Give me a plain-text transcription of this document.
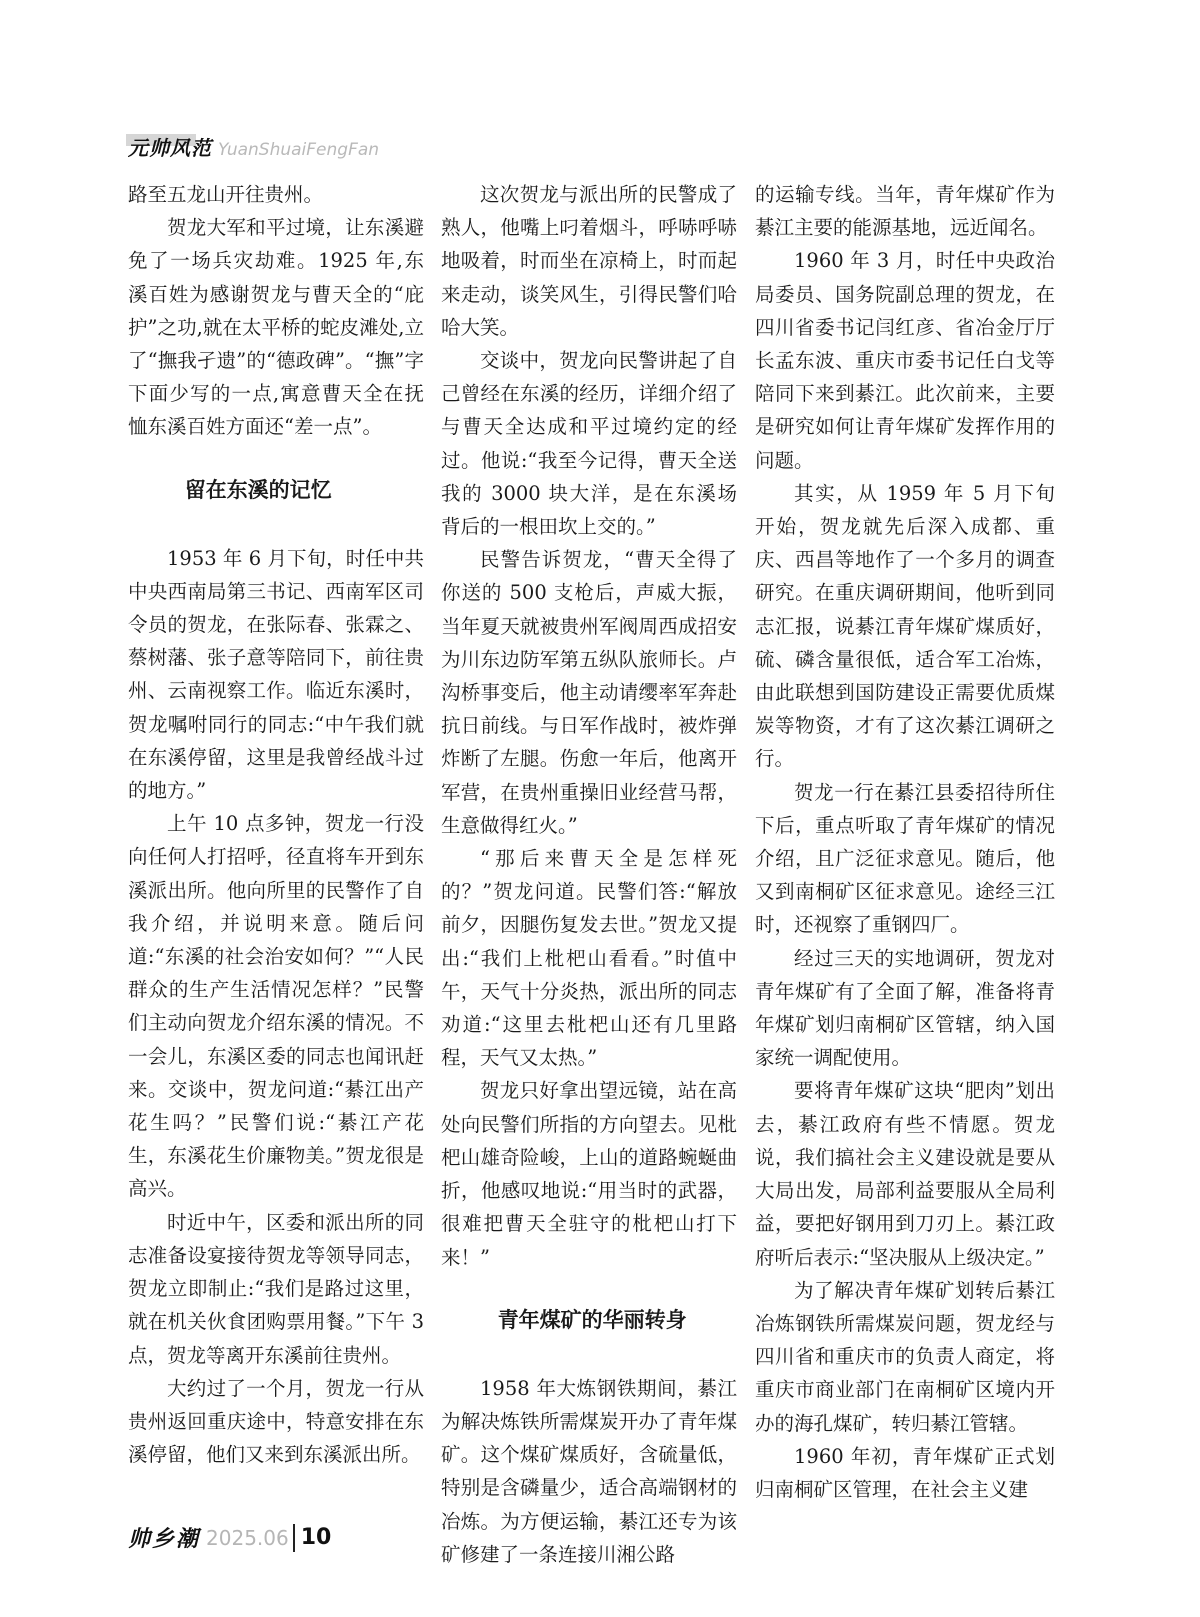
元帅风范 YuanShuaiFengFan

路至五龙山开往贵州。

贺龙大军和平过境，让东溪避免了一场兵灾劫难。1925 年,东溪百姓为感谢贺龙与曹天全的“庇护”之功,就在太平桥的蛇皮滩处,立了“撫我孑遗”的“德政碑”。“撫”字下面少写的一点,寓意曹天全在抚恤东溪百姓方面还“差一点”。

留在东溪的记忆

1953 年 6 月下旬，时任中共中央西南局第三书记、西南军区司令员的贺龙，在张际春、张霖之、蔡树藩、张子意等陪同下，前往贵州、云南视察工作。临近东溪时，贺龙嘱咐同行的同志:“中午我们就在东溪停留，这里是我曾经战斗过的地方。”

上午 10 点多钟，贺龙一行没向任何人打招呼，径直将车开到东溪派出所。他向所里的民警作了自我介绍，并说明来意。随后问道:“东溪的社会治安如何？”“人民群众的生产生活情况怎样？”民警们主动向贺龙介绍东溪的情况。不一会儿，东溪区委的同志也闻讯赶来。交谈中，贺龙问道:“綦江出产花生吗？”民警们说:“綦江产花生，东溪花生价廉物美。”贺龙很是高兴。

时近中午，区委和派出所的同志准备设宴接待贺龙等领导同志，贺龙立即制止:“我们是路过这里，就在机关伙食团购票用餐。”下午 3 点，贺龙等离开东溪前往贵州。

大约过了一个月，贺龙一行从贵州返回重庆途中，特意安排在东溪停留，他们又来到东溪派出所。

这次贺龙与派出所的民警成了熟人，他嘴上叼着烟斗，呼哧呼哧地吸着，时而坐在凉椅上，时而起来走动，谈笑风生，引得民警们哈哈大笑。

交谈中，贺龙向民警讲起了自己曾经在东溪的经历，详细介绍了与曹天全达成和平过境约定的经过。他说:“我至今记得，曹天全送我的 3000 块大洋，是在东溪场背后的一根田坎上交的。”

民警告诉贺龙，“曹天全得了你送的 500 支枪后，声威大振，当年夏天就被贵州军阀周西成招安为川东边防军第五纵队旅师长。卢沟桥事变后，他主动请缨率军奔赴抗日前线。与日军作战时，被炸弹炸断了左腿。伤愈一年后，他离开军营，在贵州重操旧业经营马帮，生意做得红火。”

“那后来曹天全是怎样死的？”贺龙问道。民警们答:“解放前夕，因腿伤复发去世。”贺龙又提出:“我们上枇杷山看看。”时值中午，天气十分炎热，派出所的同志劝道:“这里去枇杷山还有几里路程，天气又太热。”

贺龙只好拿出望远镜，站在高处向民警们所指的方向望去。见枇杷山雄奇险峻，上山的道路蜿蜒曲折，他感叹地说:“用当时的武器，很难把曹天全驻守的枇杷山打下来！”

青年煤矿的华丽转身

1958 年大炼钢铁期间，綦江为解决炼铁所需煤炭开办了青年煤矿。这个煤矿煤质好，含硫量低，特别是含磷量少，适合高端钢材的冶炼。为方便运输，綦江还专为该矿修建了一条连接川湘公路

的运输专线。当年，青年煤矿作为綦江主要的能源基地，远近闻名。

1960 年 3 月，时任中央政治局委员、国务院副总理的贺龙，在四川省委书记闫红彦、省冶金厅厅长孟东波、重庆市委书记任白戈等陪同下来到綦江。此次前来，主要是研究如何让青年煤矿发挥作用的问题。

其实，从 1959 年 5 月下旬开始，贺龙就先后深入成都、重庆、西昌等地作了一个多月的调查研究。在重庆调研期间，他听到同志汇报，说綦江青年煤矿煤质好，硫、磷含量很低，适合军工冶炼，由此联想到国防建设正需要优质煤炭等物资，才有了这次綦江调研之行。

贺龙一行在綦江县委招待所住下后，重点听取了青年煤矿的情况介绍，且广泛征求意见。随后，他又到南桐矿区征求意见。途经三江时，还视察了重钢四厂。

经过三天的实地调研，贺龙对青年煤矿有了全面了解，准备将青年煤矿划归南桐矿区管辖，纳入国家统一调配使用。

要将青年煤矿这块“肥肉”划出去，綦江政府有些不情愿。贺龙说，我们搞社会主义建设就是要从大局出发，局部利益要服从全局利益，要把好钢用到刀刃上。綦江政府听后表示:“坚决服从上级决定。”

为了解决青年煤矿划转后綦江冶炼钢铁所需煤炭问题，贺龙经与四川省和重庆市的负责人商定，将重庆市商业部门在南桐矿区境内开办的海孔煤矿，转归綦江管辖。

1960 年初，青年煤矿正式划归南桐矿区管理，在社会主义建

帅乡潮 2025.06 10
